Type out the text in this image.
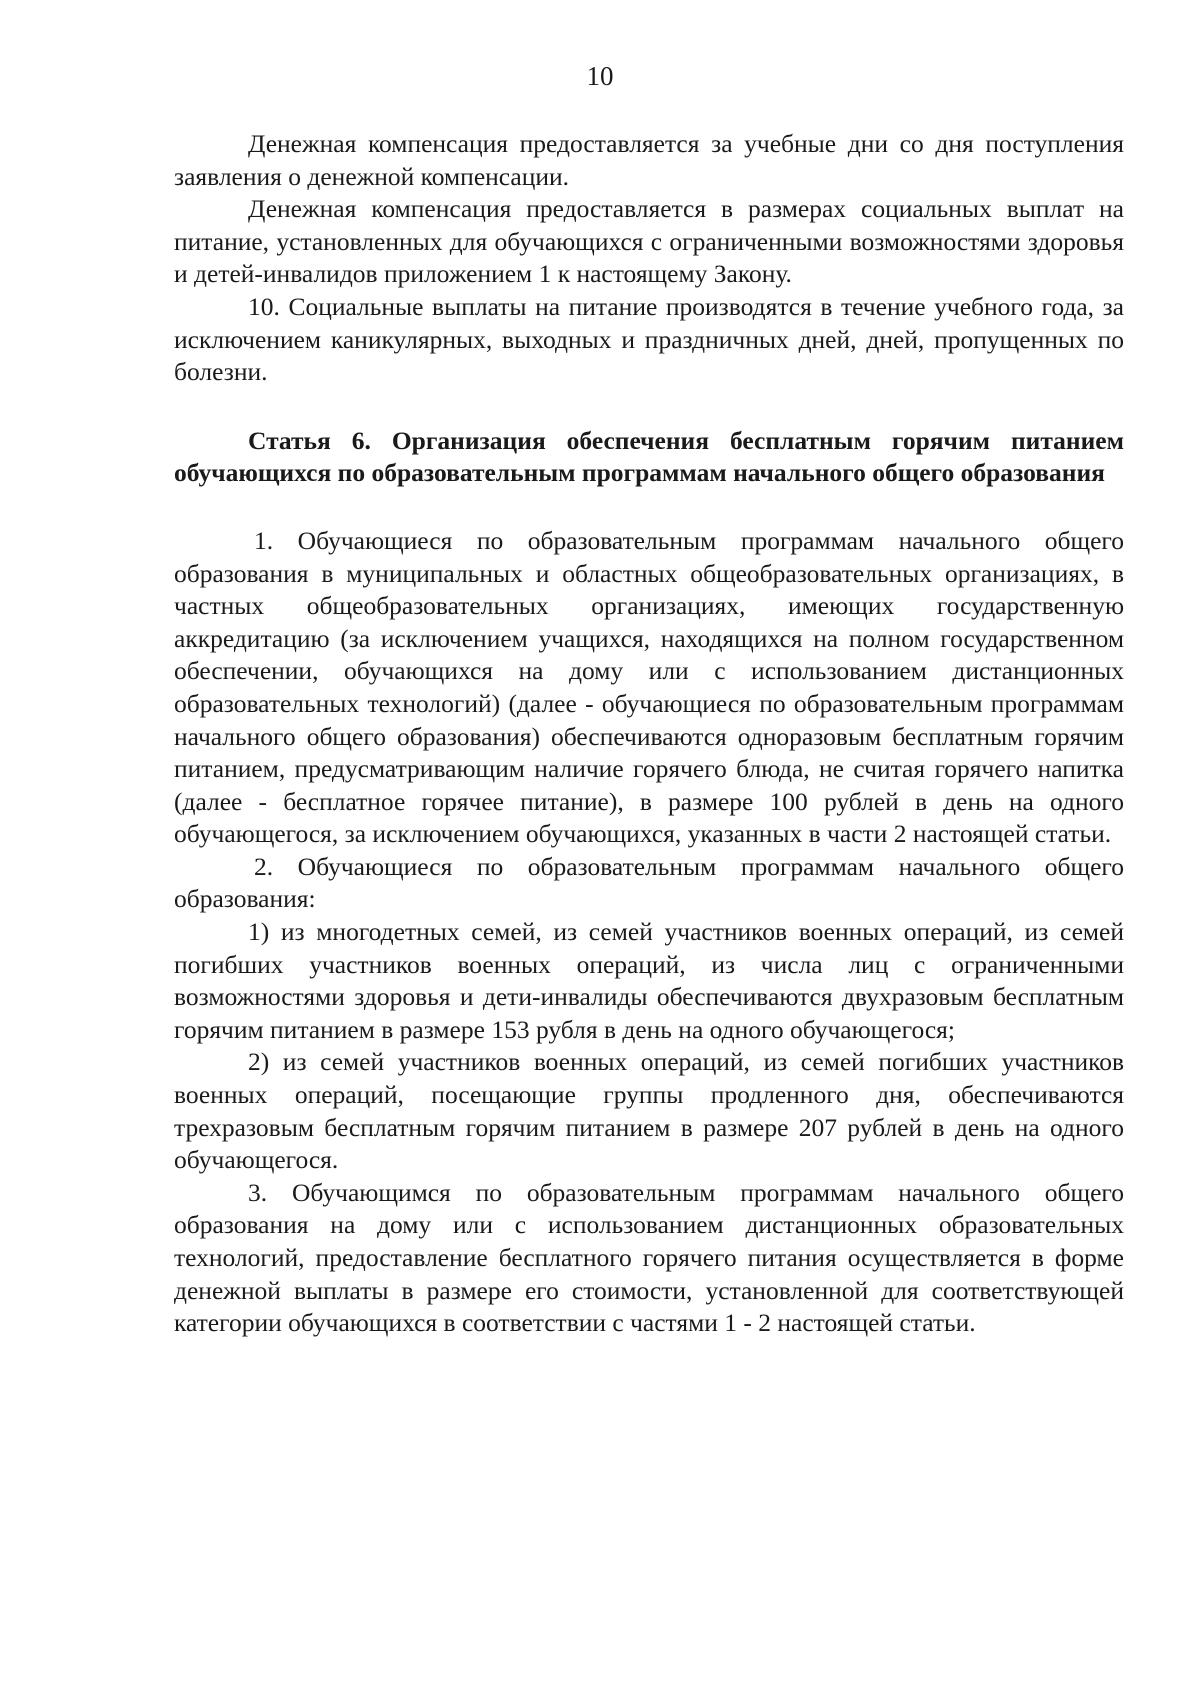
10

Денежная компенсация предоставляется за учебные дни со дня поступления заявления о денежной компенсации.

Денежная компенсация предоставляется в размерах социальных выплат на питание, установленных для обучающихся с ограниченными возможностями здоровья и детей-инвалидов приложением 1 к настоящему Закону.

10. Социальные выплаты на питание производятся в течение учебного года, за исключением каникулярных, выходных и праздничных дней, дней, пропущенных по болезни.

Статья 6. Организация обеспечения бесплатным горячим питанием обучающихся по образовательным программам начального общего образования

1. Обучающиеся по образовательным программам начального общего образования в муниципальных и областных общеобразовательных организациях, в частных общеобразовательных организациях, имеющих государственную аккредитацию (за исключением учащихся, находящихся на полном государственном обеспечении, обучающихся на дому или с использованием дистанционных образовательных технологий) (далее - обучающиеся по образовательным программам начального общего образования) обеспечиваются одноразовым бесплатным горячим питанием, предусматривающим наличие горячего блюда, не считая горячего напитка (далее - бесплатное горячее питание), в размере 100 рублей в день на одного обучающегося, за исключением обучающихся, указанных в части 2 настоящей статьи.

2. Обучающиеся по образовательным программам начального общего образования:

1) из многодетных семей, из семей участников военных операций, из семей погибших участников военных операций, из числа лиц с ограниченными возможностями здоровья и дети-инвалиды обеспечиваются двухразовым бесплатным горячим питанием в размере 153 рубля в день на одного обучающегося;

2) из семей участников военных операций, из семей погибших участников военных операций, посещающие группы продленного дня, обеспечиваются трехразовым бесплатным горячим питанием в размере 207 рублей в день на одного обучающегося.

3. Обучающимся по образовательным программам начального общего образования на дому или с использованием дистанционных образовательных технологий, предоставление бесплатного горячего питания осуществляется в форме денежной выплаты в размере его стоимости, установленной для соответствующей категории обучающихся в соответствии с частями 1 - 2 настоящей статьи.
